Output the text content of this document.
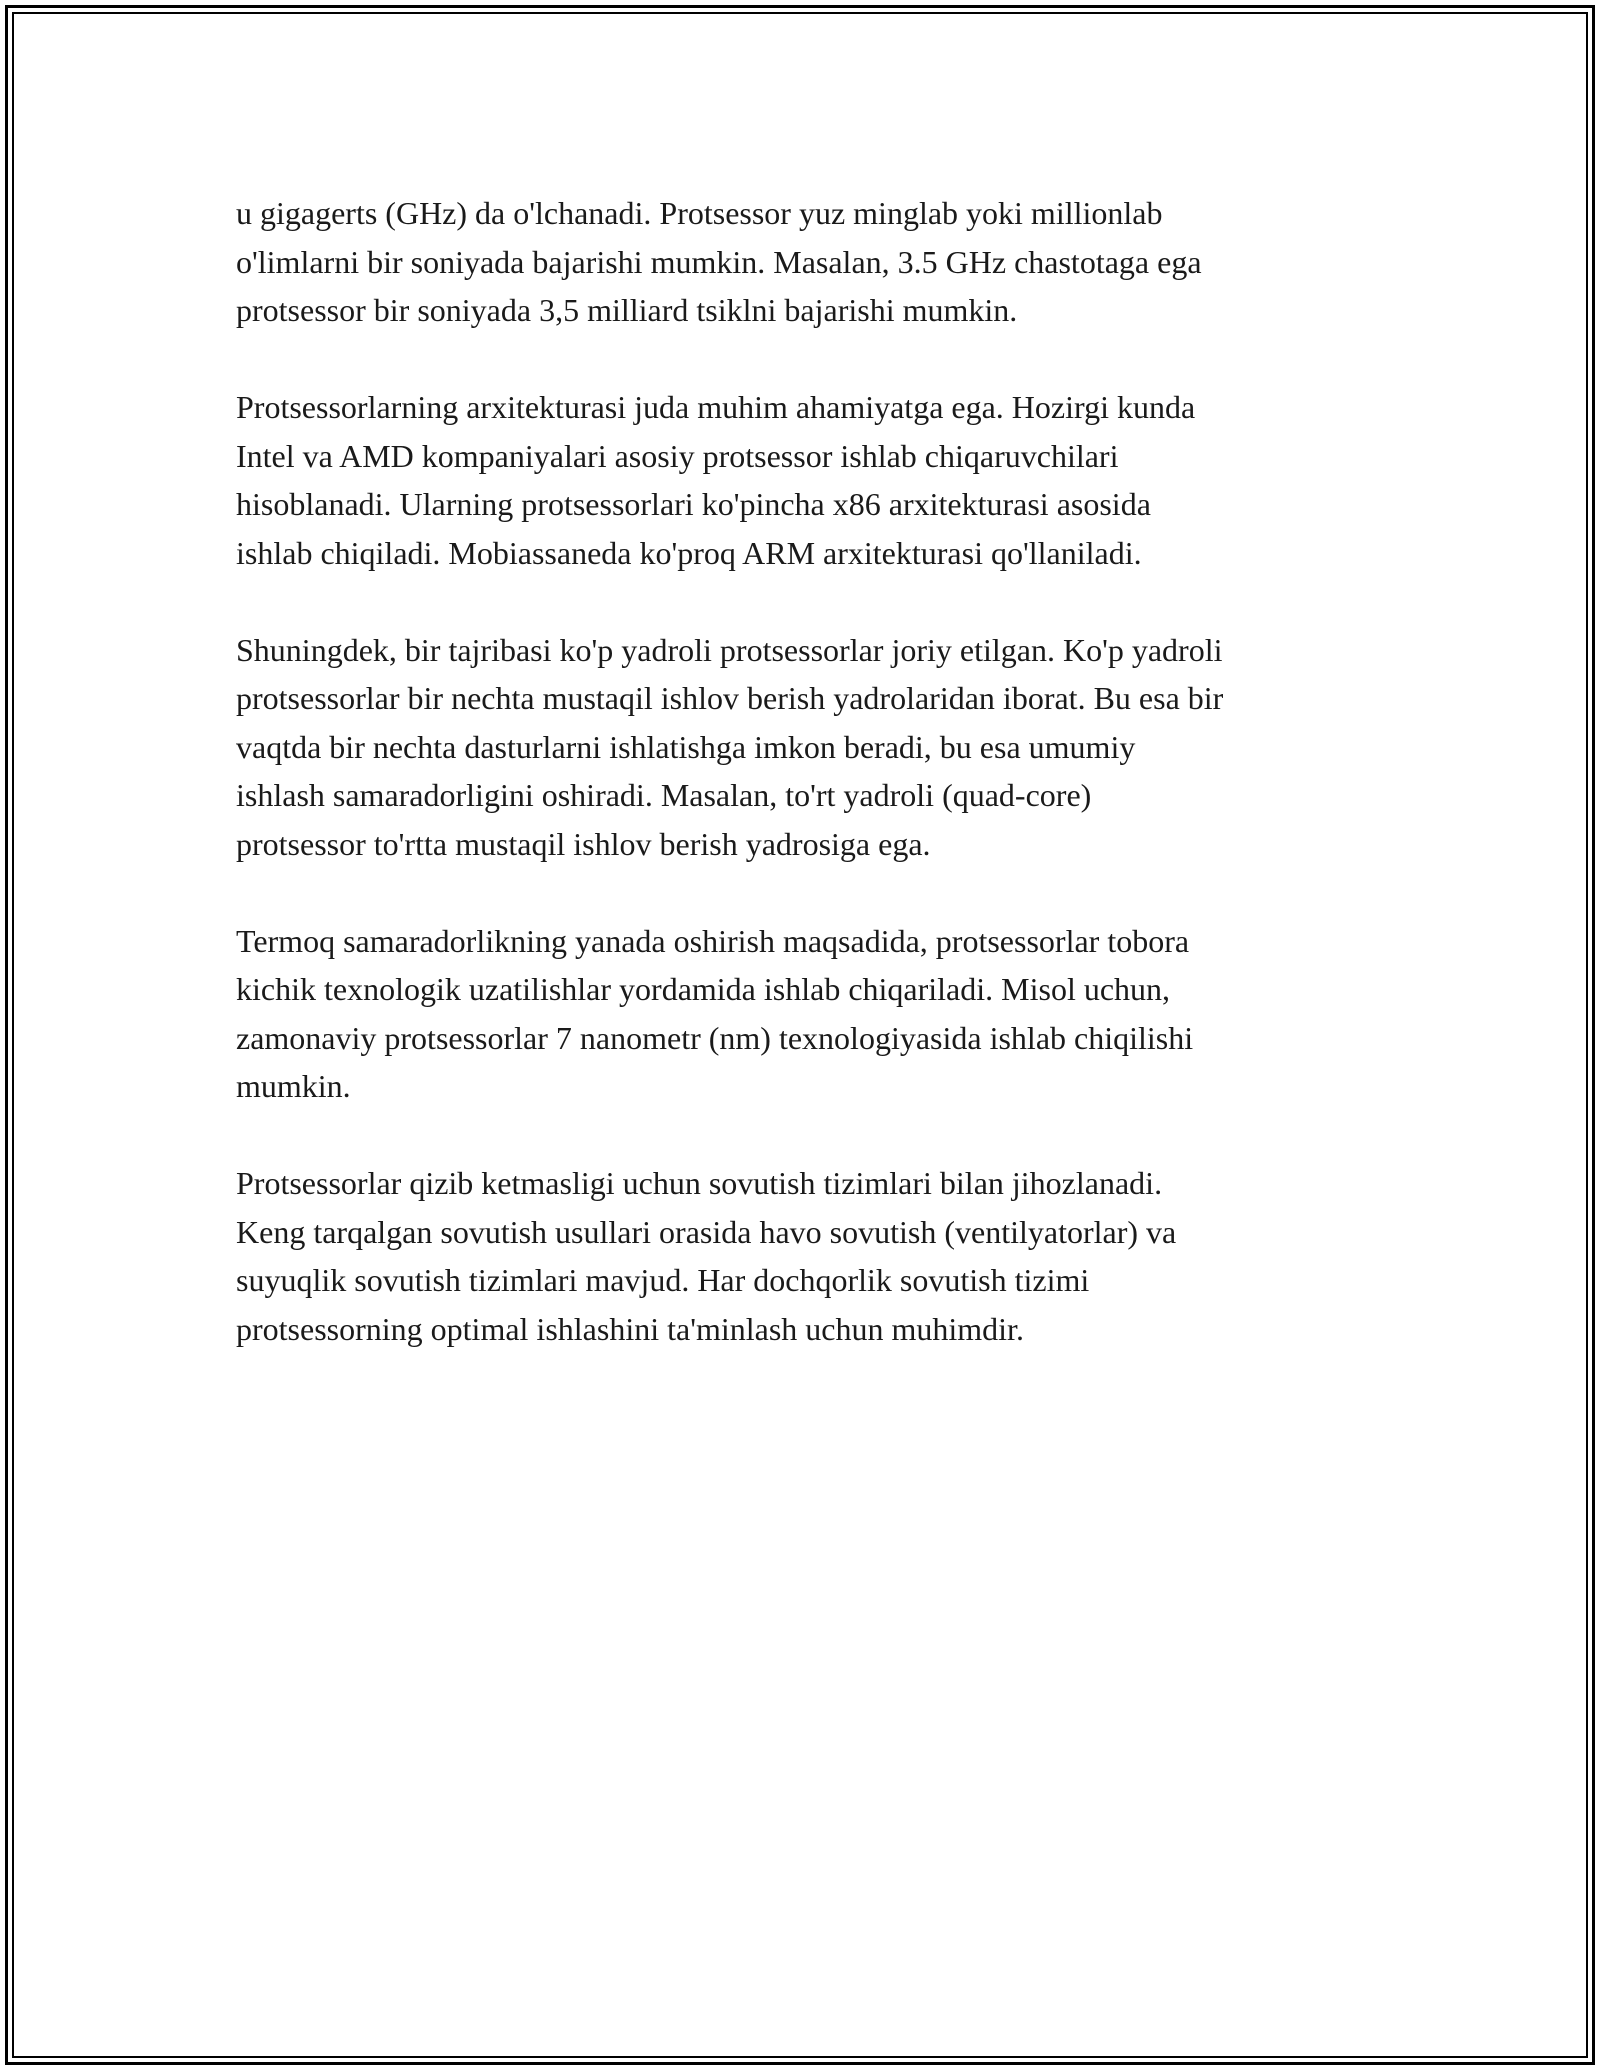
u gigagerts (GHz) da o'lchanadi. Protsessor yuz minglab yoki millionlab
o'limlarni bir soniyada bajarishi mumkin. Masalan, 3.5 GHz chastotaga ega
protsessor bir soniyada 3,5 milliard tsiklni bajarishi mumkin.

Protsessorlarning arxitekturasi juda muhim ahamiyatga ega. Hozirgi kunda
Intel va AMD kompaniyalari asosiy protsessor ishlab chiqaruvchilari
hisoblanadi. Ularning protsessorlari ko'pincha x86 arxitekturasi asosida
ishlab chiqiladi. Mobiassaneda ko'proq ARM arxitekturasi qo'llaniladi.

Shuningdek, bir tajribasi ko'p yadroli protsessorlar joriy etilgan. Ko'p yadroli
protsessorlar bir nechta mustaqil ishlov berish yadrolaridan iborat. Bu esa bir
vaqtda bir nechta dasturlarni ishlatishga imkon beradi, bu esa umumiy
ishlash samaradorligini oshiradi. Masalan, to'rt yadroli (quad-core)
protsessor to'rtta mustaqil ishlov berish yadrosiga ega.

Termoq samaradorlikning yanada oshirish maqsadida, protsessorlar tobora
kichik texnologik uzatilishlar yordamida ishlab chiqariladi. Misol uchun,
zamonaviy protsessorlar 7 nanometr (nm) texnologiyasida ishlab chiqilishi
mumkin.

Protsessorlar qizib ketmasligi uchun sovutish tizimlari bilan jihozlanadi.
Keng tarqalgan sovutish usullari orasida havo sovutish (ventilyatorlar) va
suyuqlik sovutish tizimlari mavjud. Har dochqorlik sovutish tizimi
protsessorning optimal ishlashini ta'minlash uchun muhimdir.
